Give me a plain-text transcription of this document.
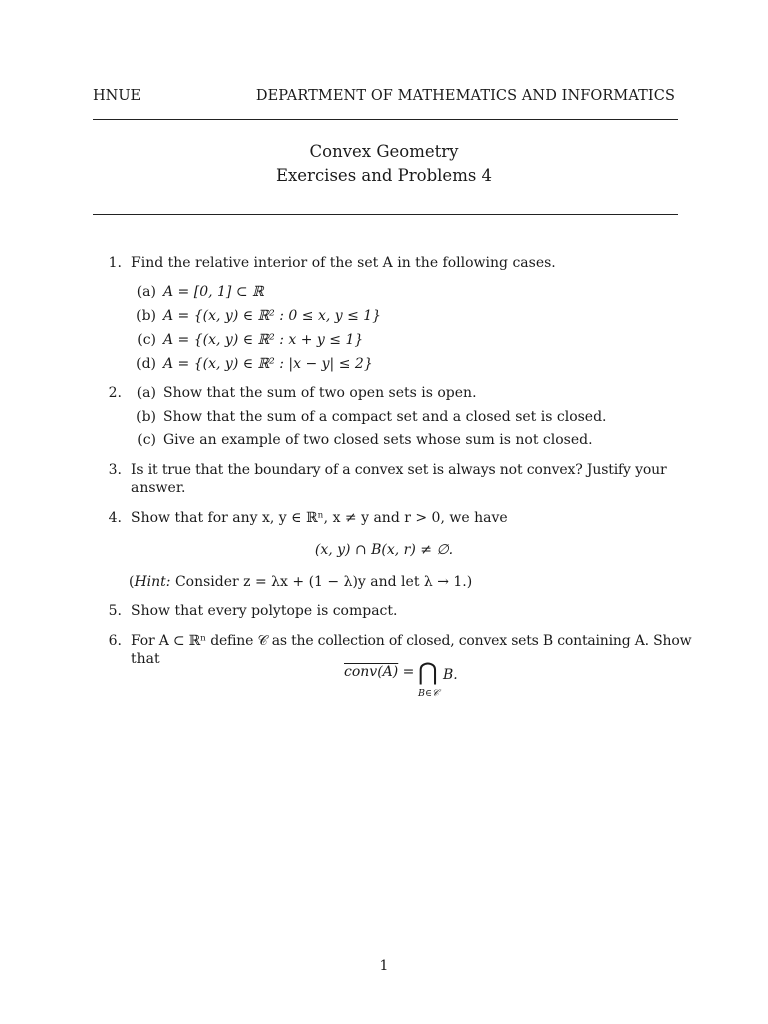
HNUE	DEPARTMENT OF MATHEMATICS AND INFORMATICS
Convex Geometry
Exercises and Problems 4
1. Find the relative interior of the set A in the following cases.
(a) A = [0, 1] ⊂ ℝ
(b) A = {(x, y) ∈ ℝ² : 0 ≤ x, y ≤ 1}
(c) A = {(x, y) ∈ ℝ² : x + y ≤ 1}
(d) A = {(x, y) ∈ ℝ² : |x − y| ≤ 2}
2.	(a) Show that the sum of two open sets is open.
(b) Show that the sum of a compact set and a closed set is closed.
(c) Give an example of two closed sets whose sum is not closed.
3. Is it true that the boundary of a convex set is always not convex? Justify your
answer.
4. Show that for any x, y ∈ ℝⁿ, x ≠ y and r > 0, we have
(x, y) ∩ B(x, r) ≠ ∅.
(Hint: Consider z = λx + (1 − λ)y and let λ → 1.)
5. Show that every polytope is compact.
6. For A ⊂ ℝⁿ define 𝒞 as the collection of closed, convex sets B containing A. Show
that
conv(A) = ⋂
B∈𝒞
B.
1
